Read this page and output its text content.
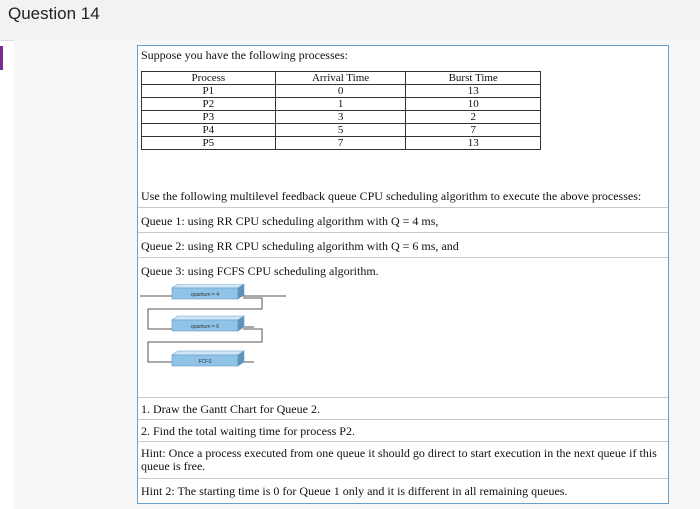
Question 14
Suppose you have the following processes:
Process	Arrival Time	Burst Time
P1	0	13
P2	1	10
P3	3	2
P4	5	7
P5	7	13
Use the following multilevel feedback queue CPU scheduling algorithm to execute the above processes:
Queue 1: using RR CPU scheduling algorithm with Q = 4 ms,
Queue 2: using RR CPU scheduling algorithm with Q = 6 ms, and
Queue 3: using FCFS CPU scheduling algorithm.
quantum = 4
quantum = 6
FCFS
1. Draw the Gantt Chart for Queue 2.
2. Find the total waiting time for process P2.
Hint: Once a process executed from one queue it should go direct to start execution in the next queue if this queue is free.
Hint 2: The starting time is 0 for Queue 1 only and it is different in all remaining queues.
